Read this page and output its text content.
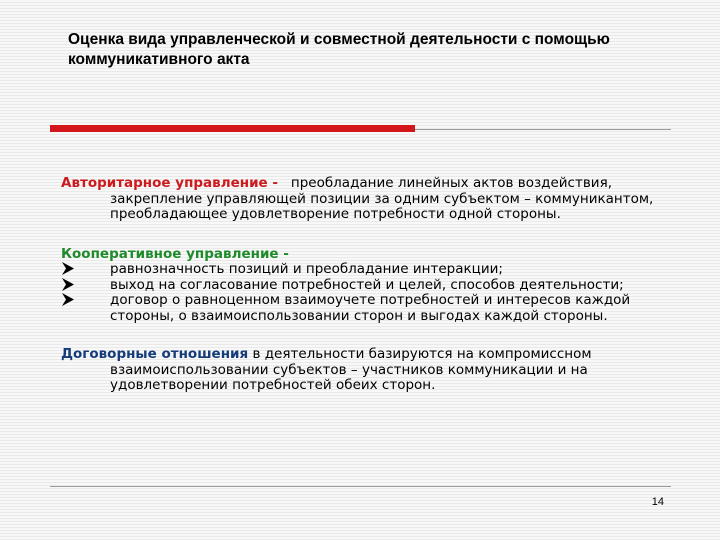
Оценка вида управленческой и совместной деятельности с помощью коммуникативного акта

Авторитарное управление - преобладание линейных актов воздействия, закрепление управляющей позиции за одним субъектом – коммуникантом, преобладающее удовлетворение потребности одной стороны.

Кооперативное управление -

равнозначность позиций и преобладание интеракции;

выход на согласование потребностей и целей, способов деятельности;

договор о равноценном взаимоучете потребностей и интересов каждой стороны, о взаимоиспользовании сторон и выгодах каждой стороны.

Договорные отношения в деятельности базируются на компромиссном взаимоиспользовании субъектов – участников коммуникации и на удовлетворении потребностей обеих сторон.

14
